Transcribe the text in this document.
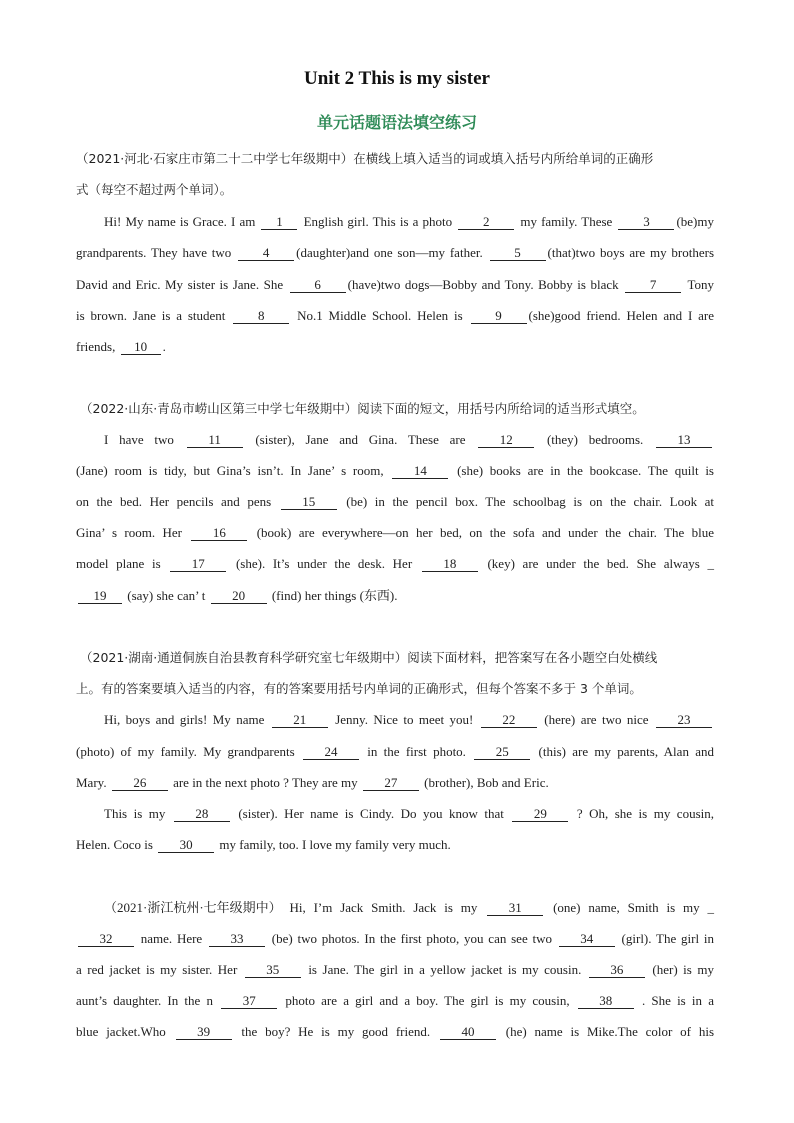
Unit 2 This is my sister
单元话题语法填空练习
（2021·河北·石家庄市第二十二中学七年级期中）在横线上填入适当的词或填入括号内所给单词的正确形
式（每空不超过两个单词）。
Hi! My name is Grace. I am 1 English girl. This is a photo 2 my family. These 3 (be)my
grandparents. They have two 4 (daughter)and one son—my father. 5 (that)two boys are my brothers
David and Eric. My sister is Jane. She 6 (have)two dogs—Bobby and Tony. Bobby is black 7 Tony
is brown. Jane is a student 8 No.1 Middle School. Helen is 9 (she)good friend. Helen and I are
friends, 10 .
（2022·山东·青岛市崂山区第三中学七年级期中）阅读下面的短文，用括号内所给词的适当形式填空。
I have two 11 (sister), Jane and Gina. These are 12 (they) bedrooms. 13
(Jane) room is tidy, but Gina’s isn’t. In Jane’ s room, 14 (she) books are in the bookcase. The quilt is
on the bed. Her pencils and pens 15 (be) in the pencil box. The schoolbag is on the chair. Look at
Gina’ s room. Her 16 (book) are everywhere—on her bed, on the sofa and under the chair. The blue
model plane is 17 (she). It’s under the desk. Her 18 (key) are under the bed. She always _
19 (say) she can’ t 20 (find) her things (东西).
（2021·湖南·通道侗族自治县教育科学研究室七年级期中）阅读下面材料，把答案写在各小题空白处横线
上。有的答案要填入适当的内容，有的答案要用括号内单词的正确形式，但每个答案不多于 3 个单词。
Hi, boys and girls! My name 21 Jenny. Nice to meet you! 22 (here) are two nice 23
(photo) of my family. My grandparents 24 in the first photo. 25 (this) are my parents, Alan and
Mary. 26 are in the next photo ? They are my 27 (brother), Bob and Eric.
This is my 28 (sister). Her name is Cindy. Do you know that 29 ? Oh, she is my cousin,
Helen. Coco is 30 my family, too. I love my family very much.
（2021·浙江杭州·七年级期中） Hi, I’m Jack Smith. Jack is my 31 (one) name, Smith is my _
32 name. Here 33 (be) two photos. In the first photo, you can see two 34 (girl). The girl in
a red jacket is my sister. Her 35 is Jane. The girl in a yellow jacket is my cousin. 36 (her) is my
aunt’s daughter. In the n 37 photo are a girl and a boy. The girl is my cousin, 38 . She is in a
blue jacket.Who 39 the boy? He is my good friend. 40 (he) name is Mike.The color of his
